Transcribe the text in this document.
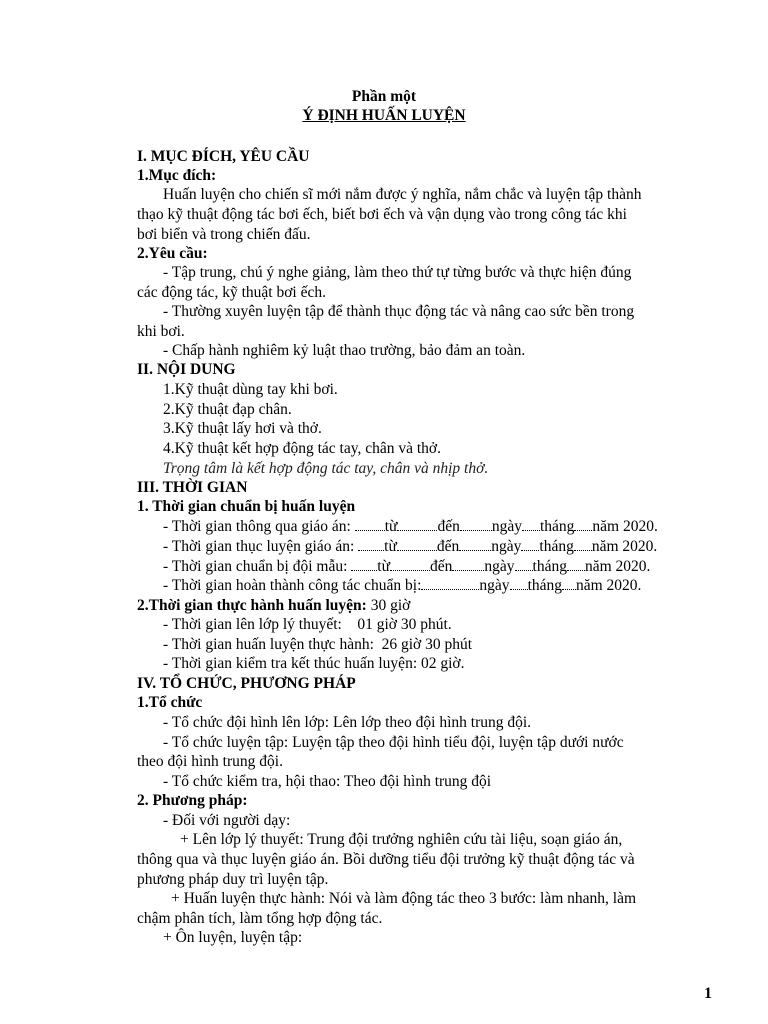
Phần một
Ý ĐỊNH HUẤN LUYỆN
I. MỤC ĐÍCH, YÊU CẦU
1.Mục đích:
Huấn luyện cho chiến sĩ mới nắm được ý nghĩa, nắm chắc và luyện tập thành
thạo kỹ thuật động tác bơi ếch, biết bơi ếch và vận dụng vào trong công tác khi
bơi biển và trong chiến đấu.
2.Yêu cầu:
- Tập trung, chú ý nghe giảng, làm theo thứ tự từng bước và thực hiện đúng
các động tác, kỹ thuật bơi ếch.
- Thường xuyên luyện tập để thành thục động tác và nâng cao sức bền trong
khi bơi.
- Chấp hành nghiêm kỷ luật thao trường, bảo đảm an toàn.
II. NỘI DUNG
1.Kỹ thuật dùng tay khi bơi.
2.Kỹ thuật đạp chân.
3.Kỹ thuật lấy hơi và thở.
4.Kỹ thuật kết hợp động tác tay, chân và thở.
Trọng tâm là kết hợp động tác tay, chân và nhịp thở.
III. THỜI GIAN
1. Thời gian chuẩn bị huấn luyện
- Thời gian thông qua giáo án: từ	đến ngày tháng năm 2020.
- Thời gian thục luyện giáo án: từ	đến ngày tháng năm 2020.
- Thời gian chuẩn bị đội mẫu: từ	đến ngày tháng năm 2020.
- Thời gian hoàn thành công tác chuẩn bị:	ngày tháng năm 2020.
2.Thời gian thực hành huấn luyện: 30 giờ
- Thời gian lên lớp lý thuyết:    01 giờ 30 phút.
- Thời gian huấn luyện thực hành:  26 giờ 30 phút
- Thời gian kiểm tra kết thúc huấn luyện: 02 giờ.
IV. TỔ CHỨC, PHƯƠNG PHÁP
1.Tổ chức
- Tổ chức đội hình lên lớp: Lên lớp theo đội hình trung đội.
- Tổ chức luyện tập: Luyện tập theo đội hình tiểu đội, luyện tập dưới nước
theo đội hình trung đội.
- Tổ chức kiểm tra, hội thao: Theo đội hình trung đội
2. Phương pháp:
- Đối với người dạy:
+ Lên lớp lý thuyết: Trung đội trưởng nghiên cứu tài liệu, soạn giáo án,
thông qua và thục luyện giáo án. Bồi dưỡng tiểu đội trưởng kỹ thuật động tác và
phương pháp duy trì luyện tập.
+ Huấn luyện thực hành: Nói và làm động tác theo 3 bước: làm nhanh, làm
chậm phân tích, làm tổng hợp động tác.
+ Ôn luyện, luyện tập:
1
